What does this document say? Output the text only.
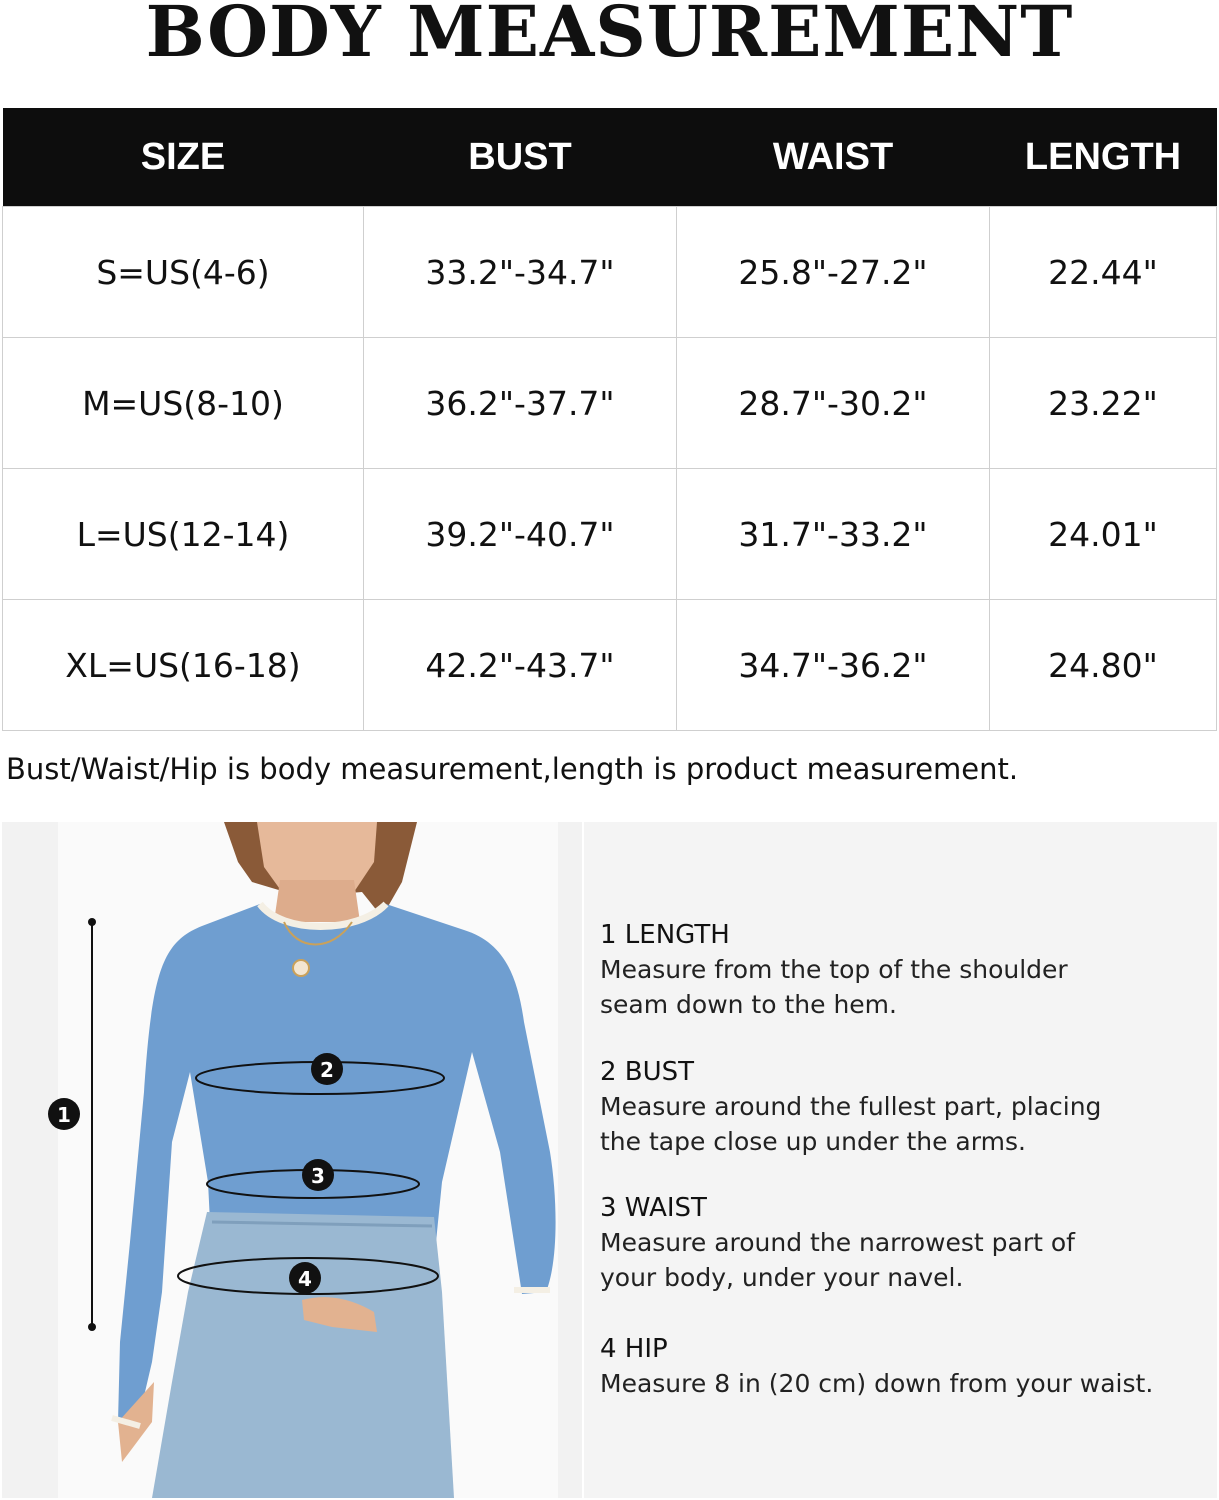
BODY MEASUREMENT
SIZE	BUST	WAIST	LENGTH
S=US(4-6)	33.2"-34.7"	25.8"-27.2"	22.44"
M=US(8-10)	36.2"-37.7"	28.7"-30.2"	23.22"
L=US(12-14)	39.2"-40.7"	31.7"-33.2"	24.01"
XL=US(16-18)	42.2"-43.7"	34.7"-36.2"	24.80"
Bust/Waist/Hip is body measurement,length is product measurement.
1
2
3
4
1 LENGTH
Measure from the top of the shoulder
seam down to the hem.
2 BUST
Measure around the fullest part, placing
the tape close up under the arms.
3 WAIST
Measure around the narrowest part of
your body, under your navel.
4 HIP
Measure 8 in (20 cm) down from your waist.
